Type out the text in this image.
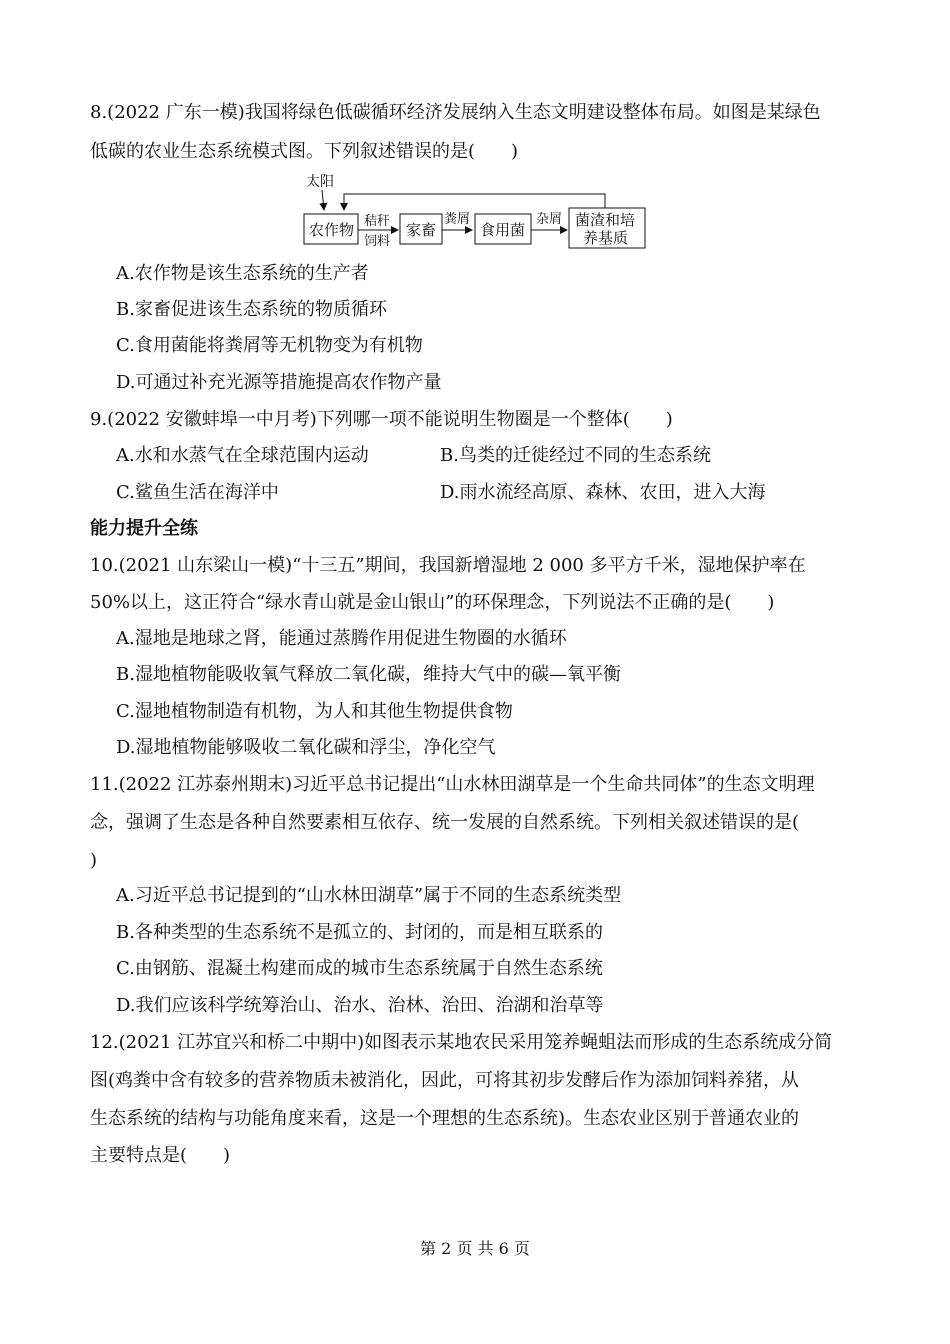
8.(2022 广东一模)我国将绿色低碳循环经济发展纳入生态文明建设整体布局。如图是某绿色
低碳的农业生态系统模式图。下列叙述错误的是(　　)
太阳
农作物 秸秆
饲料
家畜
粪屑
食用菌
杂屑 菌渣和培
养基质
A.农作物是该生态系统的生产者
B.家畜促进该生态系统的物质循环
C.食用菌能将粪屑等无机物变为有机物
D.可通过补充光源等措施提高农作物产量
9.(2022 安徽蚌埠一中月考)下列哪一项不能说明生物圈是一个整体(　　)
A.水和水蒸气在全球范围内运动	B.鸟类的迁徙经过不同的生态系统
C.鲨鱼生活在海洋中	D.雨水流经高原、森林、农田，进入大海
能力提升全练
10.(2021 山东梁山一模)“十三五”期间，我国新增湿地 2 000 多平方千米，湿地保护率在
50%以上，这正符合“绿水青山就是金山银山”的环保理念，下列说法不正确的是(　　)
A.湿地是地球之肾，能通过蒸腾作用促进生物圈的水循环
B.湿地植物能吸收氧气释放二氧化碳，维持大气中的碳—氧平衡
C.湿地植物制造有机物，为人和其他生物提供食物
D.湿地植物能够吸收二氧化碳和浮尘，净化空气
11.(2022 江苏泰州期末)习近平总书记提出“山水林田湖草是一个生命共同体”的生态文明理
念，强调了生态是各种自然要素相互依存、统一发展的自然系统。下列相关叙述错误的是(
)
A.习近平总书记提到的“山水林田湖草”属于不同的生态系统类型
B.各种类型的生态系统不是孤立的、封闭的，而是相互联系的
C.由钢筋、混凝土构建而成的城市生态系统属于自然生态系统
D.我们应该科学统筹治山、治水、治林、治田、治湖和治草等
12.(2021 江苏宜兴和桥二中期中)如图表示某地农民采用笼养蝇蛆法而形成的生态系统成分简
图(鸡粪中含有较多的营养物质未被消化，因此，可将其初步发酵后作为添加饲料养猪，从
生态系统的结构与功能角度来看，这是一个理想的生态系统)。生态农业区别于普通农业的
主要特点是(　　)
第 2 页 共 6 页
